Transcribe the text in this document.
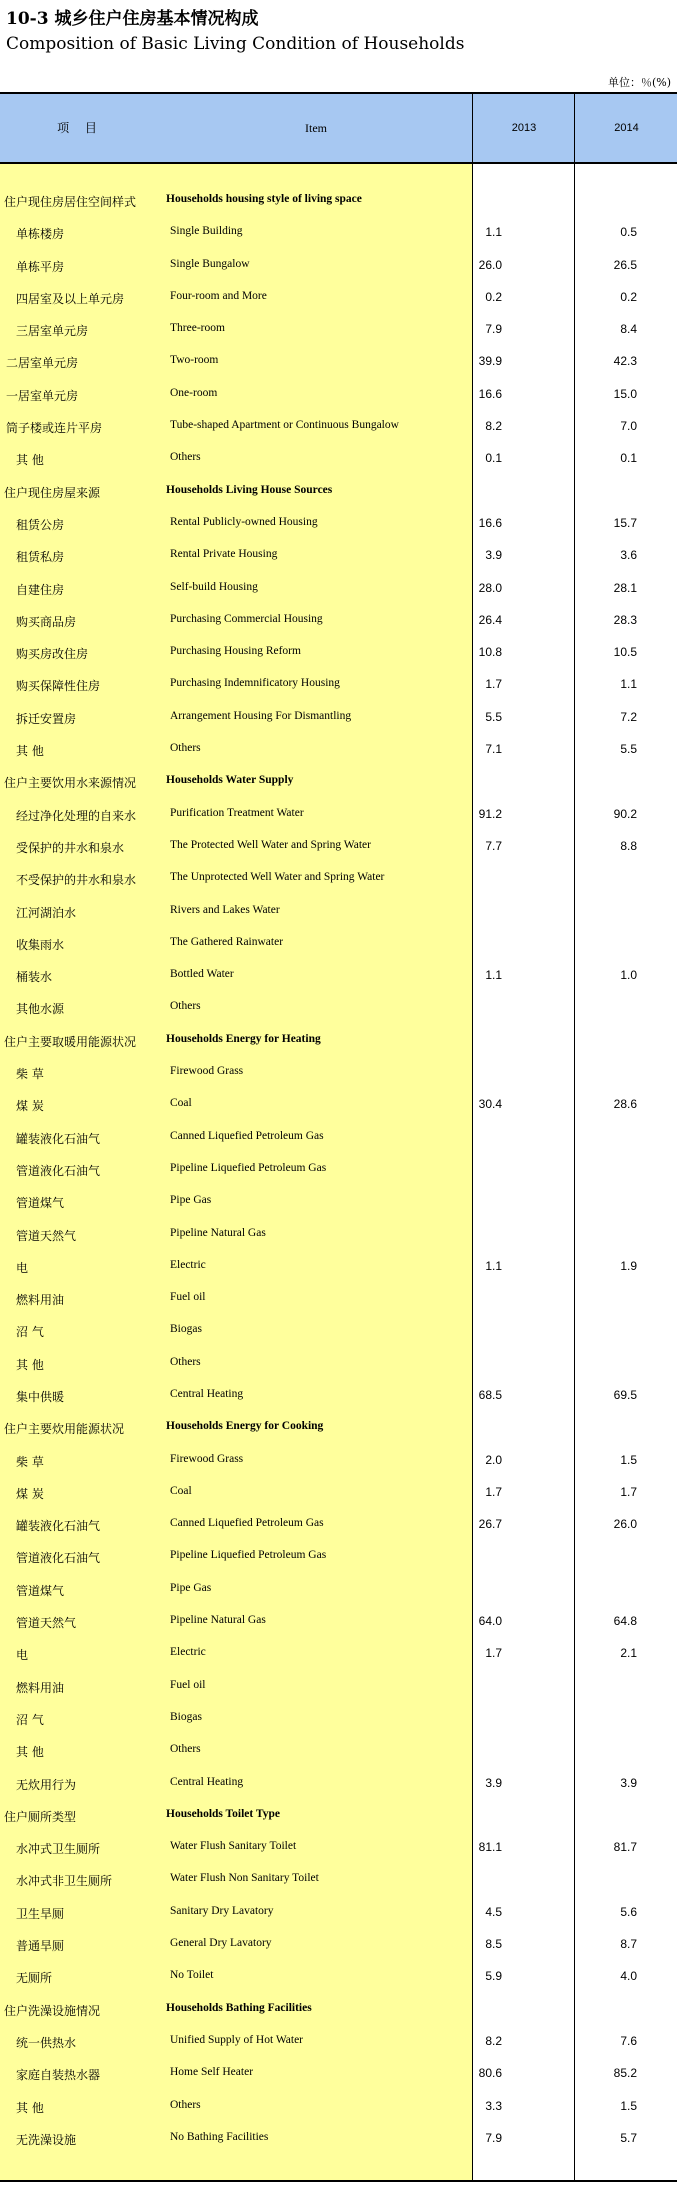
10-3 城乡住户住房基本情况构成
Composition of Basic Living Condition of Households
单位：％(%)
项 目	Item	2013	2014
住户现住房居住空间样式	Households housing style of living space
单栋楼房	Single Building	1.1	0.5
单栋平房	Single Bungalow	26.0	26.5
四居室及以上单元房	Four-room and More	0.2	0.2
三居室单元房	Three-room	7.9	8.4
二居室单元房	Two-room	39.9	42.3
一居室单元房	One-room	16.6	15.0
筒子楼或连片平房	Tube-shaped Apartment or Continuous Bungalow	8.2	7.0
其 他	Others	0.1	0.1
住户现住房屋来源	Households Living House Sources
租赁公房	Rental Publicly-owned Housing	16.6	15.7
租赁私房	Rental Private Housing	3.9	3.6
自建住房	Self-build Housing	28.0	28.1
购买商品房	Purchasing Commercial Housing	26.4	28.3
购买房改住房	Purchasing Housing Reform	10.8	10.5
购买保障性住房	Purchasing Indemnificatory Housing	1.7	1.1
拆迁安置房	Arrangement Housing For Dismantling	5.5	7.2
其 他	Others	7.1	5.5
住户主要饮用水来源情况	Households Water Supply
经过净化处理的自来水	Purification Treatment Water	91.2	90.2
受保护的井水和泉水	The Protected Well Water and Spring Water	7.7	8.8
不受保护的井水和泉水	The Unprotected Well Water and Spring Water
江河湖泊水	Rivers and Lakes Water
收集雨水	The Gathered Rainwater
桶装水	Bottled Water	1.1	1.0
其他水源	Others
住户主要取暖用能源状况	Households Energy for Heating
柴 草	Firewood Grass
煤 炭	Coal	30.4	28.6
罐装液化石油气	Canned Liquefied Petroleum Gas
管道液化石油气	Pipeline Liquefied Petroleum Gas
管道煤气	Pipe Gas
管道天然气	Pipeline Natural Gas
电	Electric	1.1	1.9
燃料用油	Fuel oil
沼 气	Biogas
其 他	Others
集中供暖	Central Heating	68.5	69.5
住户主要炊用能源状况	Households Energy for Cooking
柴 草	Firewood Grass	2.0	1.5
煤 炭	Coal	1.7	1.7
罐装液化石油气	Canned Liquefied Petroleum Gas	26.7	26.0
管道液化石油气	Pipeline Liquefied Petroleum Gas
管道煤气	Pipe Gas
管道天然气	Pipeline Natural Gas	64.0	64.8
电	Electric	1.7	2.1
燃料用油	Fuel oil
沼 气	Biogas
其 他	Others
无炊用行为	Central Heating	3.9	3.9
住户厕所类型	Households Toilet Type
水冲式卫生厕所	Water Flush Sanitary Toilet	81.1	81.7
水冲式非卫生厕所	Water Flush Non Sanitary Toilet
卫生旱厕	Sanitary Dry Lavatory	4.5	5.6
普通旱厕	General Dry Lavatory	8.5	8.7
无厕所	No Toilet	5.9	4.0
住户洗澡设施情况	Households Bathing Facilities
统一供热水	Unified Supply of Hot Water	8.2	7.6
家庭自装热水器	Home Self Heater	80.6	85.2
其 他	Others	3.3	1.5
无洗澡设施	No Bathing Facilities	7.9	5.7
